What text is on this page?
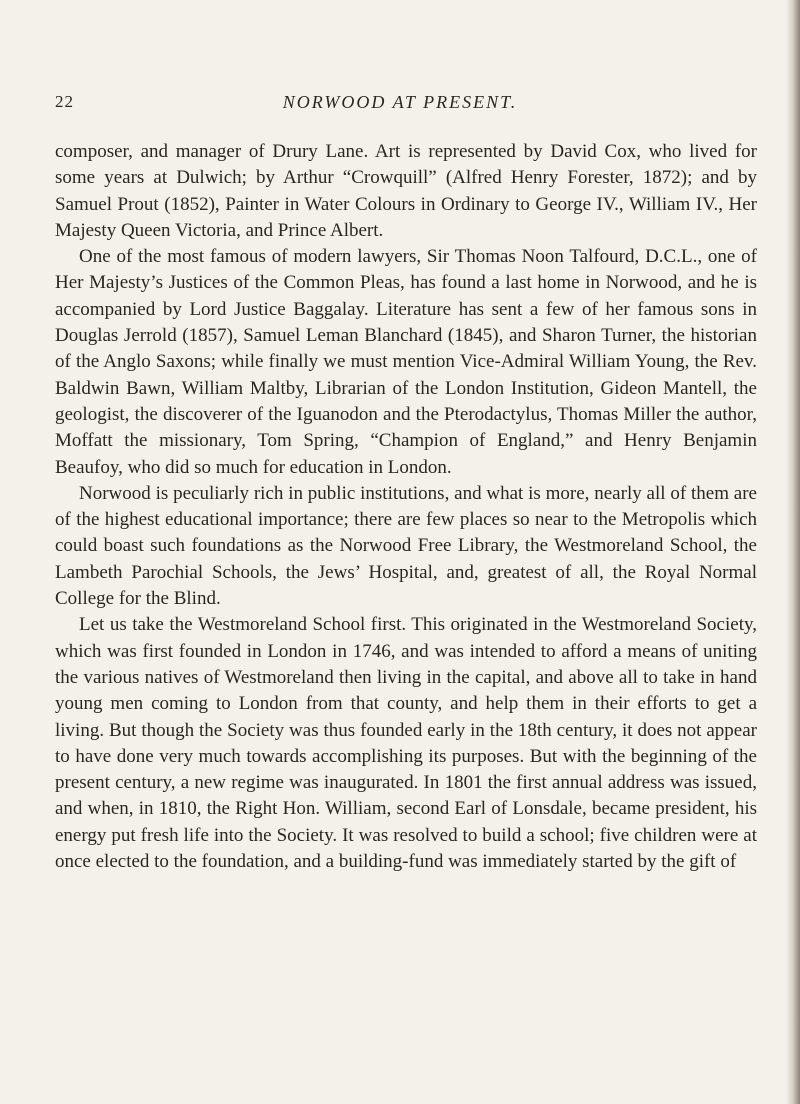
22	NORWOOD AT PRESENT.

composer, and manager of Drury Lane. Art is represented by David Cox, who lived for some years at Dulwich; by Arthur “Crowquill” (Alfred Henry Forester, 1872); and by Samuel Prout (1852), Painter in Water Colours in Ordinary to George IV., William IV., Her Majesty Queen Victoria, and Prince Albert.

One of the most famous of modern lawyers, Sir Thomas Noon Talfourd, D.C.L., one of Her Majesty’s Justices of the Common Pleas, has found a last home in Norwood, and he is accompanied by Lord Justice Baggalay. Literature has sent a few of her famous sons in Douglas Jerrold (1857), Samuel Leman Blanchard (1845), and Sharon Turner, the historian of the Anglo Saxons; while finally we must mention Vice-Admiral William Young, the Rev. Baldwin Bawn, William Maltby, Librarian of the London Institution, Gideon Mantell, the geologist, the discoverer of the Iguanodon and the Pterodactylus, Thomas Miller the author, Moffatt the missionary, Tom Spring, “Champion of England,” and Henry Benjamin Beaufoy, who did so much for education in London.

Norwood is peculiarly rich in public institutions, and what is more, nearly all of them are of the highest educational importance; there are few places so near to the Metropolis which could boast such foundations as the Norwood Free Library, the Westmoreland School, the Lambeth Parochial Schools, the Jews’ Hospital, and, greatest of all, the Royal Normal College for the Blind.

Let us take the Westmoreland School first. This originated in the Westmoreland Society, which was first founded in London in 1746, and was intended to afford a means of uniting the various natives of Westmoreland then living in the capital, and above all to take in hand young men coming to London from that county, and help them in their efforts to get a living. But though the Society was thus founded early in the 18th century, it does not appear to have done very much towards accomplishing its purposes. But with the beginning of the present century, a new regime was inaugurated. In 1801 the first annual address was issued, and when, in 1810, the Right Hon. William, second Earl of Lonsdale, became president, his energy put fresh life into the Society. It was resolved to build a school; five children were at once elected to the foundation, and a building-fund was immediately started by the gift of
